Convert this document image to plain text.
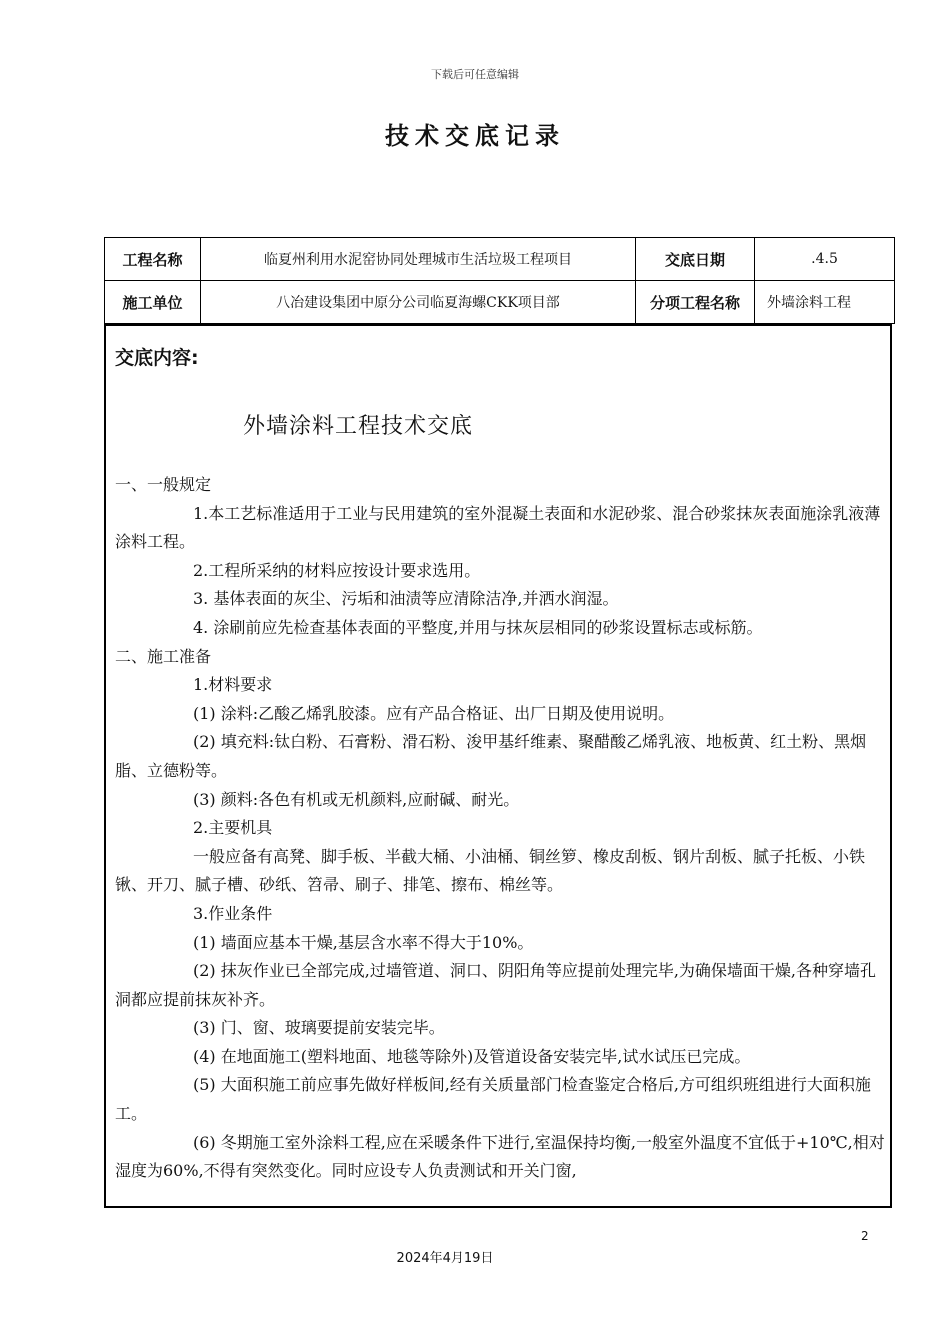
下载后可任意编辑
技术交底记录
工程名称	临夏州利用水泥窑协同处理城市生活垃圾工程项目	交底日期	.4.5
施工单位	八冶建设集团中原分公司临夏海螺CKK项目部	分项工程名称	外墙涂料工程
交底内容:
外墙涂料工程技术交底

一、一般规定

1.本工艺标准适用于工业与民用建筑的室外混凝土表面和水泥砂浆、混合砂浆抹灰表面施涂乳液薄涂料工程。

2.工程所采纳的材料应按设计要求选用。

3. 基体表面的灰尘、污垢和油渍等应清除洁净,并洒水润湿。

4. 涂刷前应先检查基体表面的平整度,并用与抹灰层相同的砂浆设置标志或标筋。

二、施工准备

1.材料要求

(1) 涂料:乙酸乙烯乳胶漆。应有产品合格证、出厂日期及使用说明。

(2) 填充料:钛白粉、石膏粉、滑石粉、浚甲基纤维素、聚醋酸乙烯乳液、地板黄、红土粉、黑烟脂、立德粉等。

(3) 颜料:各色有机或无机颜料,应耐碱、耐光。

2.主要机具

一般应备有高凳、脚手板、半截大桶、小油桶、铜丝箩、橡皮刮板、钢片刮板、腻子托板、小铁锹、开刀、腻子槽、砂纸、笤帚、刷子、排笔、擦布、棉丝等。

3.作业条件

(1) 墙面应基本干燥,基层含水率不得大于10%。

(2) 抹灰作业已全部完成,过墙管道、洞口、阴阳角等应提前处理完毕,为确保墙面干燥,各种穿墙孔洞都应提前抹灰补齐。

(3) 门、窗、玻璃要提前安装完毕。

(4) 在地面施工(塑料地面、地毯等除外)及管道设备安装完毕,试水试压已完成。

(5) 大面积施工前应事先做好样板间,经有关质量部门检查鉴定合格后,方可组织班组进行大面积施工。

(6) 冬期施工室外涂料工程,应在采暖条件下进行,室温保持均衡,一般室外温度不宜低于+10℃,相对湿度为60%,不得有突然变化。同时应设专人负责测试和开关门窗,

2
2024年4月19日
